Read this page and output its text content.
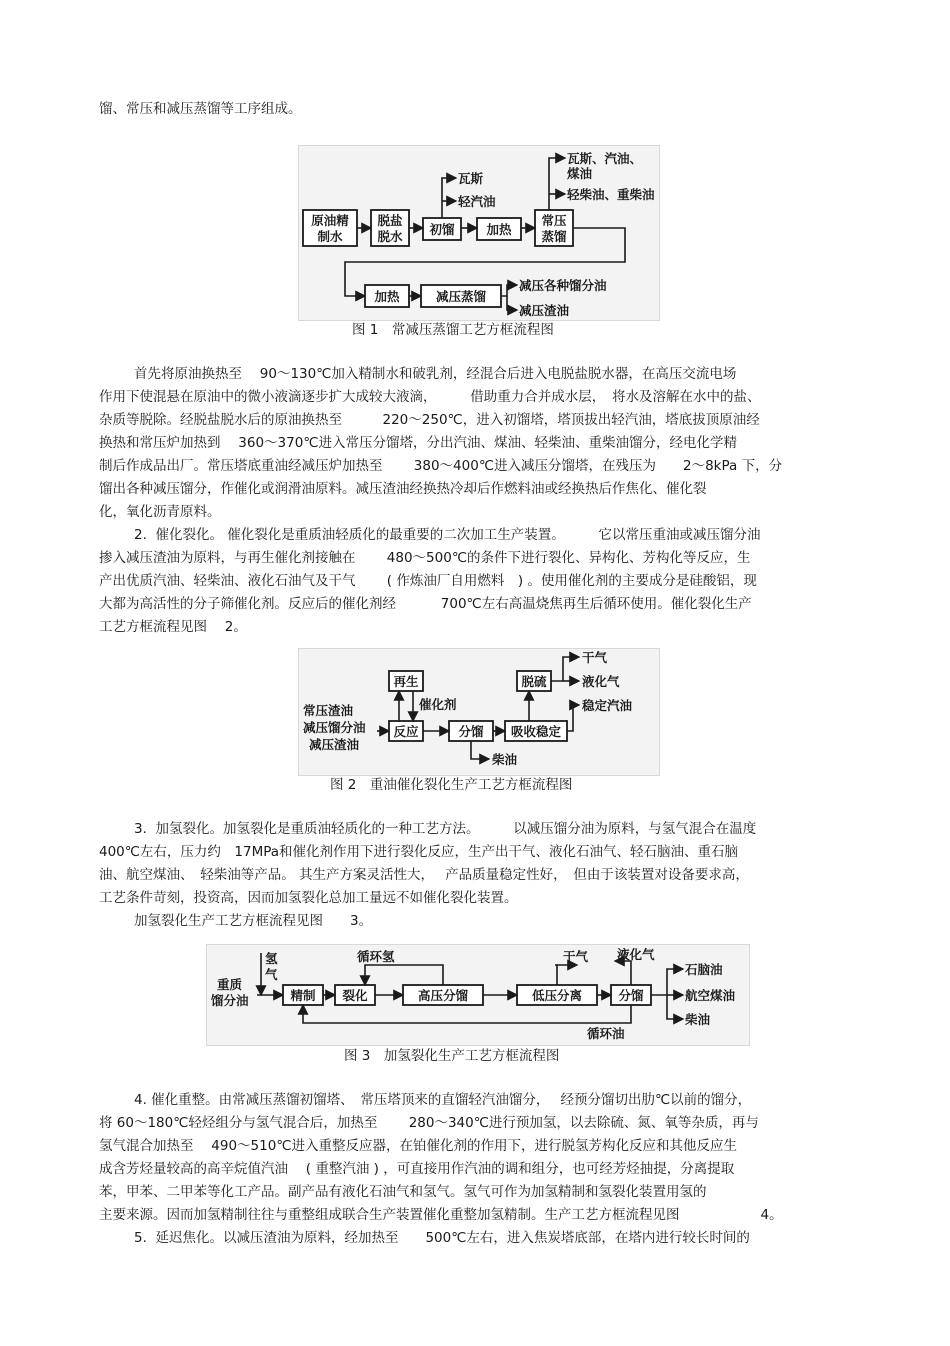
馏、常压和减压蒸馏等工序组成。
原油精
制水
脱盐
脱水 初馏	加热
常压
蒸馏
瓦斯
轻汽油
瓦斯、汽油、
煤油
轻柴油、重柴油
加热	减压蒸馏
减压各种馏分油
减压渣油
图 1　常减压蒸馏工艺方框流程图
首先将原油换热至 　90～130℃加入精制水和破乳剂，经混合后进入电脱盐脱水器，在高压交流电场
作用下使混悬在原油中的微小液滴逐步扩大成较大液滴，　　　借助重力合并成水层，　将水及溶解在水中的盐、
杂质等脱除。经脱盐脱水后的原油换热至　　　220～250℃，进入初馏塔，塔顶拔出轻汽油，塔底拔顶原油经
换热和常压炉加热到　 360～370℃进入常压分馏塔，分出汽油、煤油、轻柴油、重柴油馏分，经电化学精
制后作成品出厂。常压塔底重油经减压炉加热至　　 380～400℃进入减压分馏塔，在残压为　　2～8kPa 下，分
馏出各种减压馏分，作催化或润滑油原料。减压渣油经换热冷却后作燃料油或经换热后作焦化、催化裂
化，氧化沥青原料。
2.  催化裂化。 催化裂化是重质油轻质化的最重要的二次加工生产装置。　　　它以常压重油或减压馏分油
掺入减压渣油为原料，与再生催化剂接触在　　 480～500℃的条件下进行裂化、异构化、芳构化等反应，生
产出优质汽油、轻柴油、液化石油气及干气　　 ( 作炼油厂自用燃料　) 。使用催化剂的主要成分是硅酸铝，现
大都为高活性的分子筛催化剂。反应后的催化剂经　　　 700℃左右高温烧焦再生后循环使用。催化裂化生产
工艺方框流程见图　 2。
常压渣油
减压馏分油
减压渣油
再生
反应
催化剂
分馏 吸收稳定
柴油
脱硫
干气
液化气
稳定汽油
图 2　重油催化裂化生产工艺方框流程图
3.  加氢裂化。加氢裂化是重质油轻质化的一种工艺方法。　　　以减压馏分油为原料，与氢气混合在温度
400℃左右，压力约　17MPa和催化剂作用下进行裂化反应，生产出干气、液化石油气、轻石脑油、重石脑
油、航空煤油、　轻柴油等产品。 其生产方案灵活性大，　 产品质量稳定性好，　但由于该装置对设备要求高，
工艺条件苛刻，投资高，因而加氢裂化总加工量远不如催化裂化装置。
加氢裂化生产工艺方框流程见图　　3。
重质
馏分油
氢
气
精制 裂化	高压分馏	低压分离	分馏
循环氢	干气 液化气
石脑油
航空煤油
柴油
循环油
图 3　加氢裂化生产工艺方框流程图
4. 催化重整。由常减压蒸馏初馏塔、　常压塔顶来的直馏轻汽油馏分，　 经预分馏切出肋℃以前的馏分，
将 60～180℃轻烃组分与氢气混合后，加热至　　 280～340℃进行预加氢，以去除硫、氮、氧等杂质，再与
氢气混合加热至　 490～510℃进入重整反应器，在铂催化剂的作用下，进行脱氢芳构化反应和其他反应生
成含芳烃量较高的高辛烷值汽油　 ( 重整汽油 ) ，可直接用作汽油的调和组分，也可经芳烃抽提，分离提取
苯，甲苯、二甲苯等化工产品。副产品有液化石油气和氢气。氢气可作为加氢精制和氢裂化装置用氢的
主要来源。因而加氢精制往往与重整组成联合生产装置催化重整加氢精制。生产工艺方框流程见图　　　　　　4。
5.  延迟焦化。以减压渣油为原料，经加热至　　500℃左右，进入焦炭塔底部，在塔内进行较长时间的
